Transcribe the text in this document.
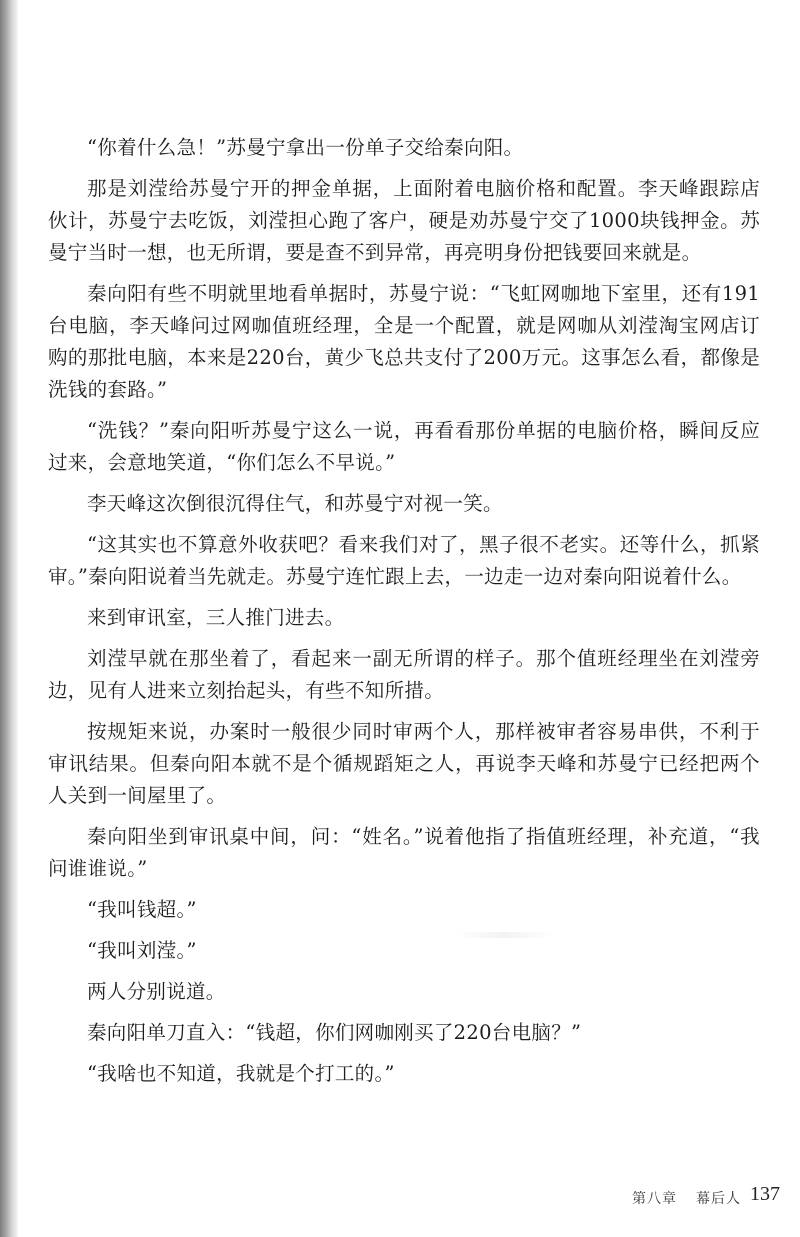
“你着什么急！”苏曼宁拿出一份单子交给秦向阳。

那是刘滢给苏曼宁开的押金单据，上面附着电脑价格和配置。李天峰跟踪店伙计，苏曼宁去吃饭，刘滢担心跑了客户，硬是劝苏曼宁交了1000块钱押金。苏曼宁当时一想，也无所谓，要是查不到异常，再亮明身份把钱要回来就是。

秦向阳有些不明就里地看单据时，苏曼宁说：“飞虹网咖地下室里，还有191台电脑，李天峰问过网咖值班经理，全是一个配置，就是网咖从刘滢淘宝网店订购的那批电脑，本来是220台，黄少飞总共支付了200万元。这事怎么看，都像是洗钱的套路。”

“洗钱？”秦向阳听苏曼宁这么一说，再看看那份单据的电脑价格，瞬间反应过来，会意地笑道，“你们怎么不早说。”

李天峰这次倒很沉得住气，和苏曼宁对视一笑。

“这其实也不算意外收获吧？看来我们对了，黑子很不老实。还等什么，抓紧审。”秦向阳说着当先就走。苏曼宁连忙跟上去，一边走一边对秦向阳说着什么。

来到审讯室，三人推门进去。

刘滢早就在那坐着了，看起来一副无所谓的样子。那个值班经理坐在刘滢旁边，见有人进来立刻抬起头，有些不知所措。

按规矩来说，办案时一般很少同时审两个人，那样被审者容易串供，不利于审讯结果。但秦向阳本就不是个循规蹈矩之人，再说李天峰和苏曼宁已经把两个人关到一间屋里了。

秦向阳坐到审讯桌中间，问：“姓名。”说着他指了指值班经理，补充道，“我问谁谁说。”

“我叫钱超。”

“我叫刘滢。”

两人分别说道。

秦向阳单刀直入：“钱超，你们网咖刚买了220台电脑？”

“我啥也不知道，我就是个打工的。”

第八章 幕后人 137
